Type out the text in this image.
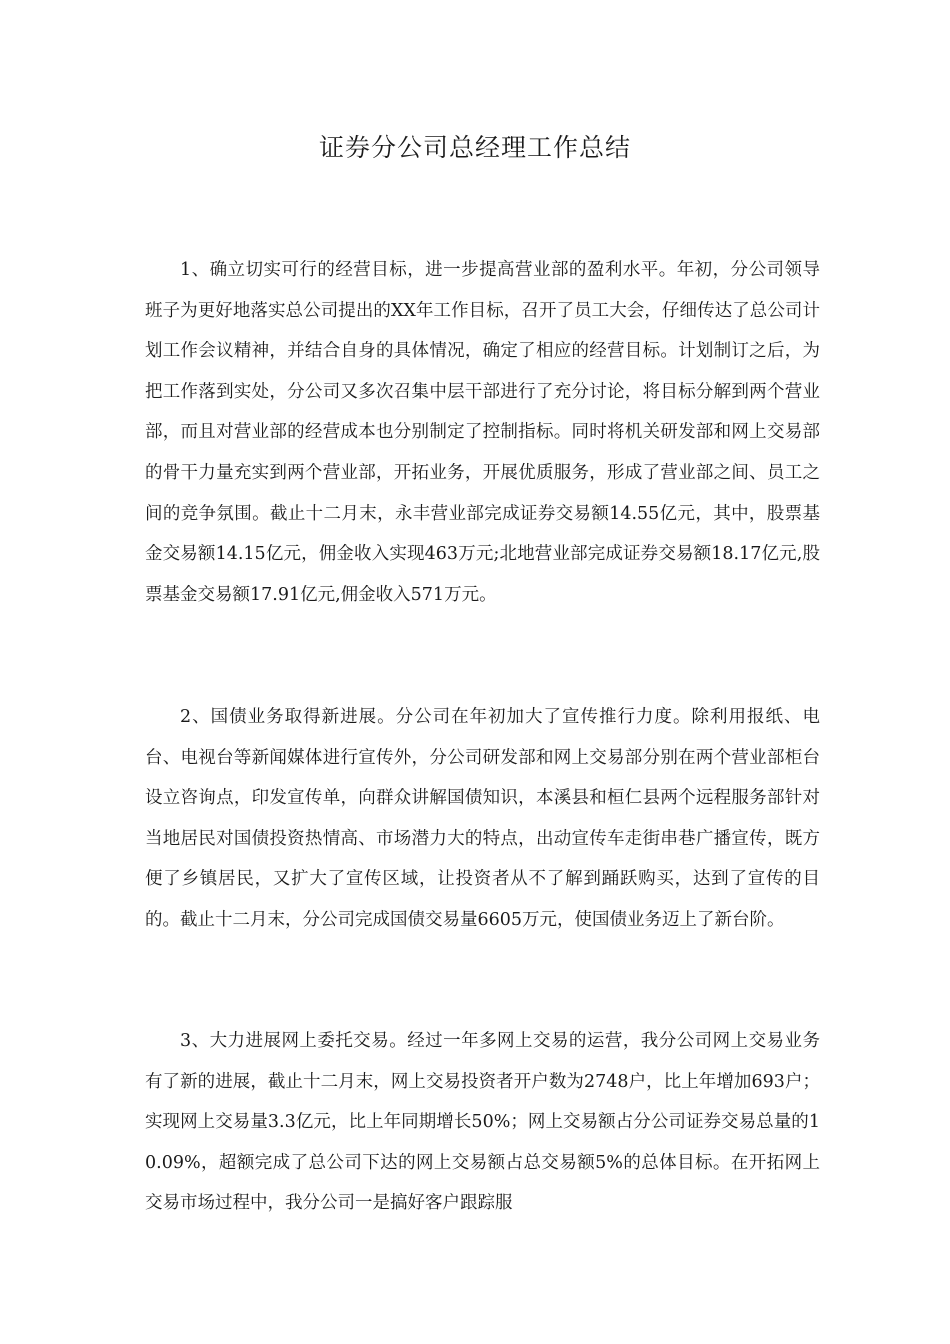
证券分公司总经理工作总结

1、确立切实可行的经营目标，进一步提高营业部的盈利水平。年初，分公司领导班子为更好地落实总公司提出的XX年工作目标，召开了员工大会，仔细传达了总公司计划工作会议精神，并结合自身的具体情况，确定了相应的经营目标。计划制订之后，为把工作落到实处，分公司又多次召集中层干部进行了充分讨论，将目标分解到两个营业部，而且对营业部的经营成本也分别制定了控制指标。同时将机关研发部和网上交易部的骨干力量充实到两个营业部，开拓业务，开展优质服务，形成了营业部之间、员工之间的竞争氛围。截止十二月末，永丰营业部完成证券交易额14.55亿元，其中，股票基金交易额14.15亿元，佣金收入实现463万元;北地营业部完成证券交易额18.17亿元,股票基金交易额17.91亿元,佣金收入571万元。

2、国债业务取得新进展。分公司在年初加大了宣传推行力度。除利用报纸、电台、电视台等新闻媒体进行宣传外，分公司研发部和网上交易部分别在两个营业部柜台设立咨询点，印发宣传单，向群众讲解国债知识，本溪县和桓仁县两个远程服务部针对当地居民对国债投资热情高、市场潜力大的特点，出动宣传车走街串巷广播宣传，既方便了乡镇居民，又扩大了宣传区域，让投资者从不了解到踊跃购买，达到了宣传的目的。截止十二月末，分公司完成国债交易量6605万元，使国债业务迈上了新台阶。

3、大力进展网上委托交易。经过一年多网上交易的运营，我分公司网上交易业务有了新的进展，截止十二月末，网上交易投资者开户数为2748户，比上年增加693户；实现网上交易量3.3亿元，比上年同期增长50%；网上交易额占分公司证券交易总量的10.09%，超额完成了总公司下达的网上交易额占总交易额5%的总体目标。在开拓网上交易市场过程中，我分公司一是搞好客户跟踪服
